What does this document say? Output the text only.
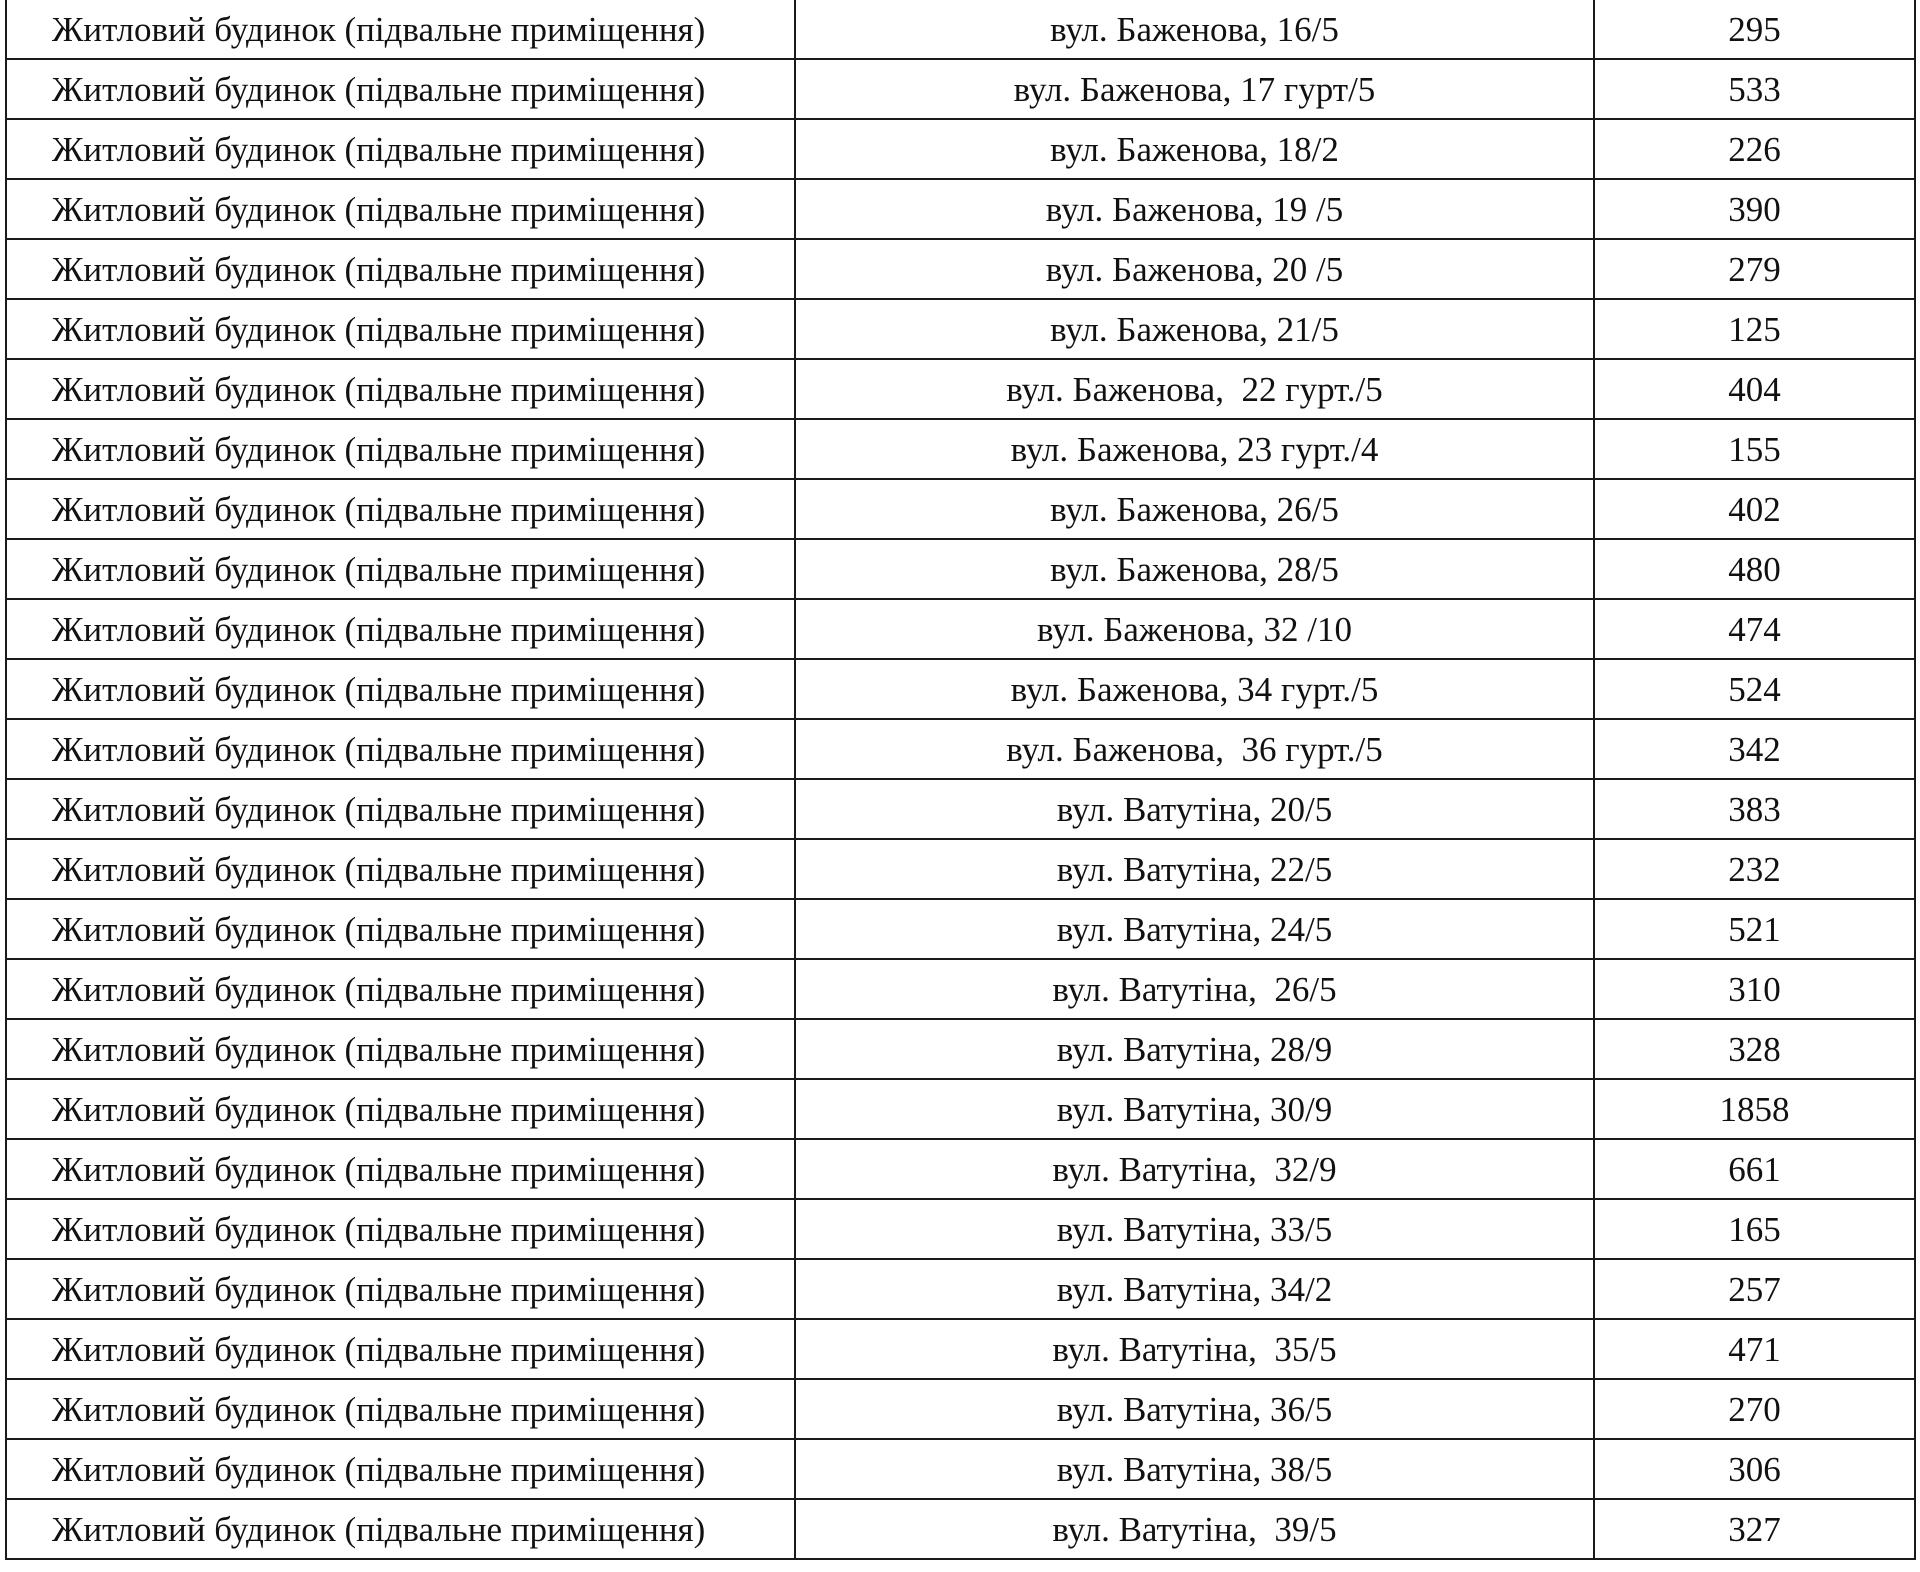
Житловий будинок (підвальне приміщення)	вул. Баженова, 16/5	295
Житловий будинок (підвальне приміщення)	вул. Баженова, 17 гурт/5	533
Житловий будинок (підвальне приміщення)	вул. Баженова, 18/2	226
Житловий будинок (підвальне приміщення)	вул. Баженова, 19 /5	390
Житловий будинок (підвальне приміщення)	вул. Баженова, 20 /5	279
Житловий будинок (підвальне приміщення)	вул. Баженова, 21/5	125
Житловий будинок (підвальне приміщення)	вул. Баженова,  22 гурт./5	404
Житловий будинок (підвальне приміщення)	вул. Баженова, 23 гурт./4	155
Житловий будинок (підвальне приміщення)	вул. Баженова, 26/5	402
Житловий будинок (підвальне приміщення)	вул. Баженова, 28/5	480
Житловий будинок (підвальне приміщення)	вул. Баженова, 32 /10	474
Житловий будинок (підвальне приміщення)	вул. Баженова, 34 гурт./5	524
Житловий будинок (підвальне приміщення)	вул. Баженова,  36 гурт./5	342
Житловий будинок (підвальне приміщення)	вул. Ватутіна, 20/5	383
Житловий будинок (підвальне приміщення)	вул. Ватутіна, 22/5	232
Житловий будинок (підвальне приміщення)	вул. Ватутіна, 24/5	521
Житловий будинок (підвальне приміщення)	вул. Ватутіна,  26/5	310
Житловий будинок (підвальне приміщення)	вул. Ватутіна, 28/9	328
Житловий будинок (підвальне приміщення)	вул. Ватутіна, 30/9	1858
Житловий будинок (підвальне приміщення)	вул. Ватутіна,  32/9	661
Житловий будинок (підвальне приміщення)	вул. Ватутіна, 33/5	165
Житловий будинок (підвальне приміщення)	вул. Ватутіна, 34/2	257
Житловий будинок (підвальне приміщення)	вул. Ватутіна,  35/5	471
Житловий будинок (підвальне приміщення)	вул. Ватутіна, 36/5	270
Житловий будинок (підвальне приміщення)	вул. Ватутіна, 38/5	306
Житловий будинок (підвальне приміщення)	вул. Ватутіна,  39/5	327
